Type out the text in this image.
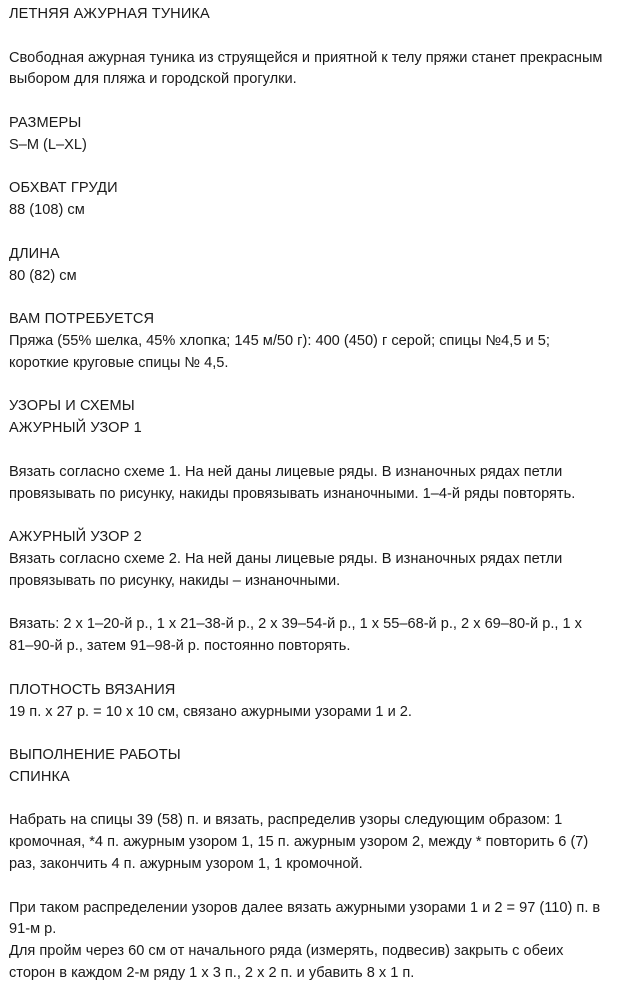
ЛЕТНЯЯ АЖУРНАЯ ТУНИКА
Свободная ажурная туника из струящейся и приятной к телу пряжи станет прекрасным выбором для пляжа и городской прогулки.
РАЗМЕРЫ
S–M (L–XL)
ОБХВАТ ГРУДИ
88 (108) см
ДЛИНА
80 (82) см
ВАМ ПОТРЕБУЕТСЯ
Пряжа (55% шелка, 45% хлопка; 145 м/50 г): 400 (450) г серой; спицы №4,5 и 5; короткие круговые спицы № 4,5.
УЗОРЫ И СХЕМЫ
АЖУРНЫЙ УЗОР 1
Вязать согласно схеме 1. На ней даны лицевые ряды. В изнаночных рядах петли провязывать по рисунку, накиды провязывать изнаночными. 1–4-й ряды повторять.
АЖУРНЫЙ УЗОР 2
Вязать согласно схеме 2. На ней даны лицевые ряды. В изнаночных рядах петли провязывать по рисунку, накиды – изнаночными.
Вязать: 2 х 1–20-й р., 1 х 21–38-й р., 2 х 39–54-й р., 1 х 55–68-й р., 2 х 69–80-й р., 1 х 81–90-й р., затем 91–98-й р. постоянно повторять.
ПЛОТНОСТЬ ВЯЗАНИЯ
19 п. х 27 р. = 10 х 10 см, связано ажурными узорами 1 и 2.
ВЫПОЛНЕНИЕ РАБОТЫ
СПИНКА
Набрать на спицы 39 (58) п. и вязать, распределив узоры следующим образом: 1 кромочная, *4 п. ажурным узором 1, 15 п. ажурным узором 2, между * повторить 6 (7) раз, закончить 4 п. ажурным узором 1, 1 кромочной.
При таком распределении узоров далее вязать ажурными узорами 1 и 2 = 97 (110) п. в 91-м р.
Для пройм через 60 см от начального ряда (измерять, подвесив) закрыть с обеих сторон в каждом 2-м ряду 1 х 3 п., 2 х 2 п. и убавить 8 х 1 п.
